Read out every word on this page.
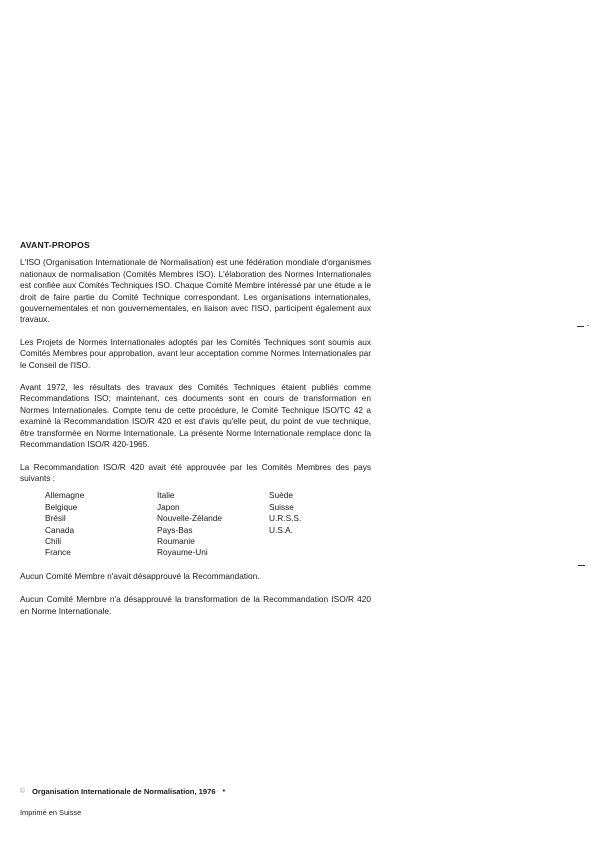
AVANT-PROPOS
L'ISO (Organisation Internationale de Normalisation) est une fédération mondiale d'organismes nationaux de normalisation (Comités Membres ISO). L'élaboration des Normes Internationales est confiée aux Comités Techniques ISO. Chaque Comité Membre intéressé par une étude a le droit de faire partie du Comité Technique correspondant. Les organisations internationales, gouvernementales et non gouvernementales, en liaison avec l'ISO, participent également aux travaux.
Les Projets de Normes Internationales adoptés par les Comités Techniques sont soumis aux Comités Membres pour approbation, avant leur acceptation comme Normes Internationales par le Conseil de l'ISO.
Avant 1972, les résultats des travaux des Comités Techniques étaient publiés comme Recommandations ISO; maintenant, ces documents sont en cours de transformation en Normes Internationales. Compte tenu de cette procédure, le Comité Technique ISO/TC 42 a examiné la Recommandation ISO/R 420 et est d'avis qu'elle peut, du point de vue technique, être transformée en Norme Internationale. La présente Norme Internationale remplace donc la Recommandation ISO/R 420-1965.
La Recommandation ISO/R 420 avait été approuvée par les Comités Membres des pays suivants :
Allemagne
Belgique
Brésil
Canada
Chili
France
Italie
Japon
Nouvelle-Zélande
Pays-Bas
Roumanie
Royaume-Uni
Suède
Suisse
U.R.S.S.
U.S.A.
Aucun Comité Membre n'avait désapprouvé la Recommandation.
Aucun Comité Membre n'a désapprouvé la transformation de la Recommandation ISO/R 420 en Norme Internationale.
© Organisation Internationale de Normalisation, 1976 •
Imprimé en Suisse
